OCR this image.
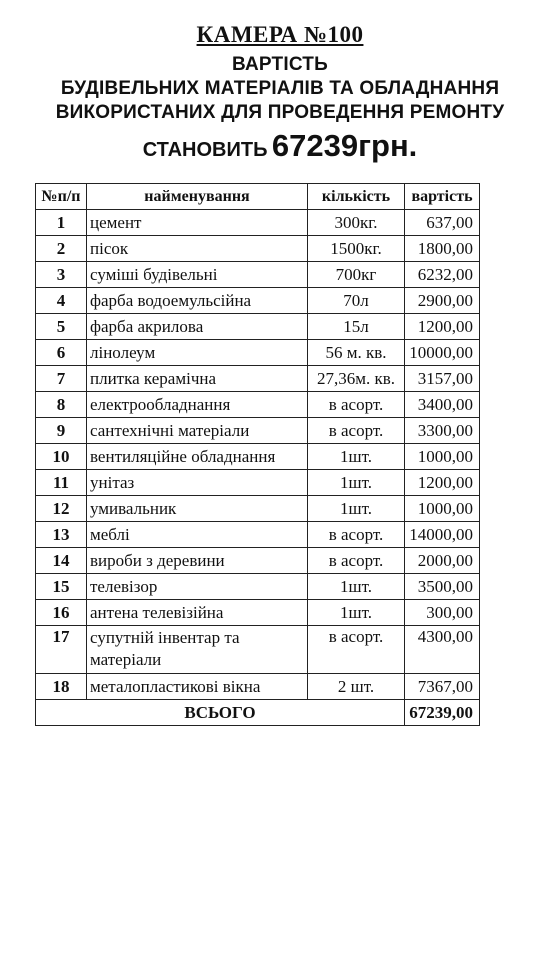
КАМЕРА №100
ВАРТІСТЬ
БУДІВЕЛЬНИХ МАТЕРІАЛІВ ТА ОБЛАДНАННЯ
ВИКОРИСТАНИХ ДЛЯ ПРОВЕДЕННЯ РЕМОНТУ
СТАНОВИТЬ 67239грн.
№п/п	найменування	кількість	вартість
1	цемент	300кг.	637,00
2	пісок	1500кг.	1800,00
3	суміші будівельні	700кг	6232,00
4	фарба водоемульсійна	70л	2900,00
5	фарба акрилова	15л	1200,00
6	лінолеум	56 м. кв.	10000,00
7	плитка керамічна	27,36м. кв.	3157,00
8	електрообладнання	в асорт.	3400,00
9	сантехнічні матеріали	в асорт.	3300,00
10	вентиляційне обладнання	1шт.	1000,00
11	унітаз	1шт.	1200,00
12	умивальник	1шт.	1000,00
13	меблі	в асорт.	14000,00
14	вироби з деревини	в асорт.	2000,00
15	телевізор	1шт.	3500,00
16	антена телевізійна	1шт.	300,00
17	супутній інвентар та матеріали	в асорт.	4300,00
18	металопластикові вікна	2 шт.	7367,00
ВСЬОГО			67239,00
